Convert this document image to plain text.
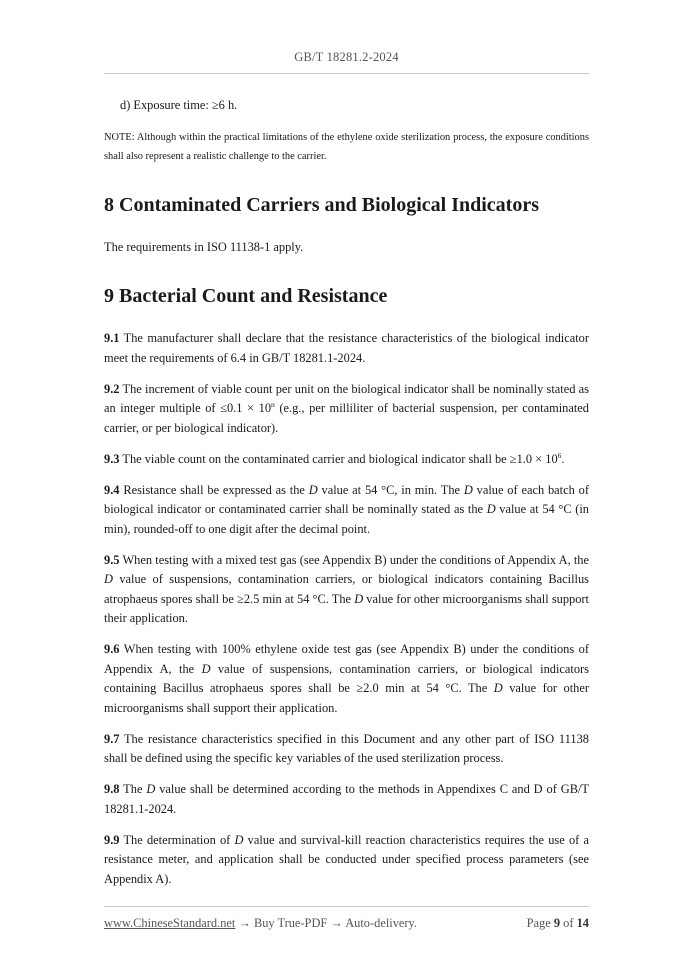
GB/T 18281.2-2024

d) Exposure time: ≥6 h.

NOTE: Although within the practical limitations of the ethylene oxide sterilization process, the exposure conditions shall also represent a realistic challenge to the carrier.

8 Contaminated Carriers and Biological Indicators

The requirements in ISO 11138-1 apply.

9 Bacterial Count and Resistance

9.1 The manufacturer shall declare that the resistance characteristics of the biological indicator meet the requirements of 6.4 in GB/T 18281.1-2024.

9.2 The increment of viable count per unit on the biological indicator shall be nominally stated as an integer multiple of $\le 0.1 \times 10^n$ (e.g., per milliliter of bacterial suspension, per contaminated carrier, or per biological indicator).

9.3 The viable count on the contaminated carrier and biological indicator shall be $\ge 1.0 \times 10^6$.

9.4 Resistance shall be expressed as the D value at 54 °C, in min. The D value of each batch of biological indicator or contaminated carrier shall be nominally stated as the D value at 54 °C (in min), rounded-off to one digit after the decimal point.

9.5 When testing with a mixed test gas (see Appendix B) under the conditions of Appendix A, the D value of suspensions, contamination carriers, or biological indicators containing Bacillus atrophaeus spores shall be ≥2.5 min at 54 °C. The D value for other microorganisms shall support their application.

9.6 When testing with 100% ethylene oxide test gas (see Appendix B) under the conditions of Appendix A, the D value of suspensions, contamination carriers, or biological indicators containing Bacillus atrophaeus spores shall be ≥2.0 min at 54 °C. The D value for other microorganisms shall support their application.

9.7 The resistance characteristics specified in this Document and any other part of ISO 11138 shall be defined using the specific key variables of the used sterilization process.

9.8 The D value shall be determined according to the methods in Appendixes C and D of GB/T 18281.1-2024.

9.9 The determination of D value and survival-kill reaction characteristics requires the use of a resistance meter, and application shall be conducted under specified process parameters (see Appendix A).

www.ChineseStandard.net → Buy True-PDF → Auto-delivery.	Page 9 of 14
